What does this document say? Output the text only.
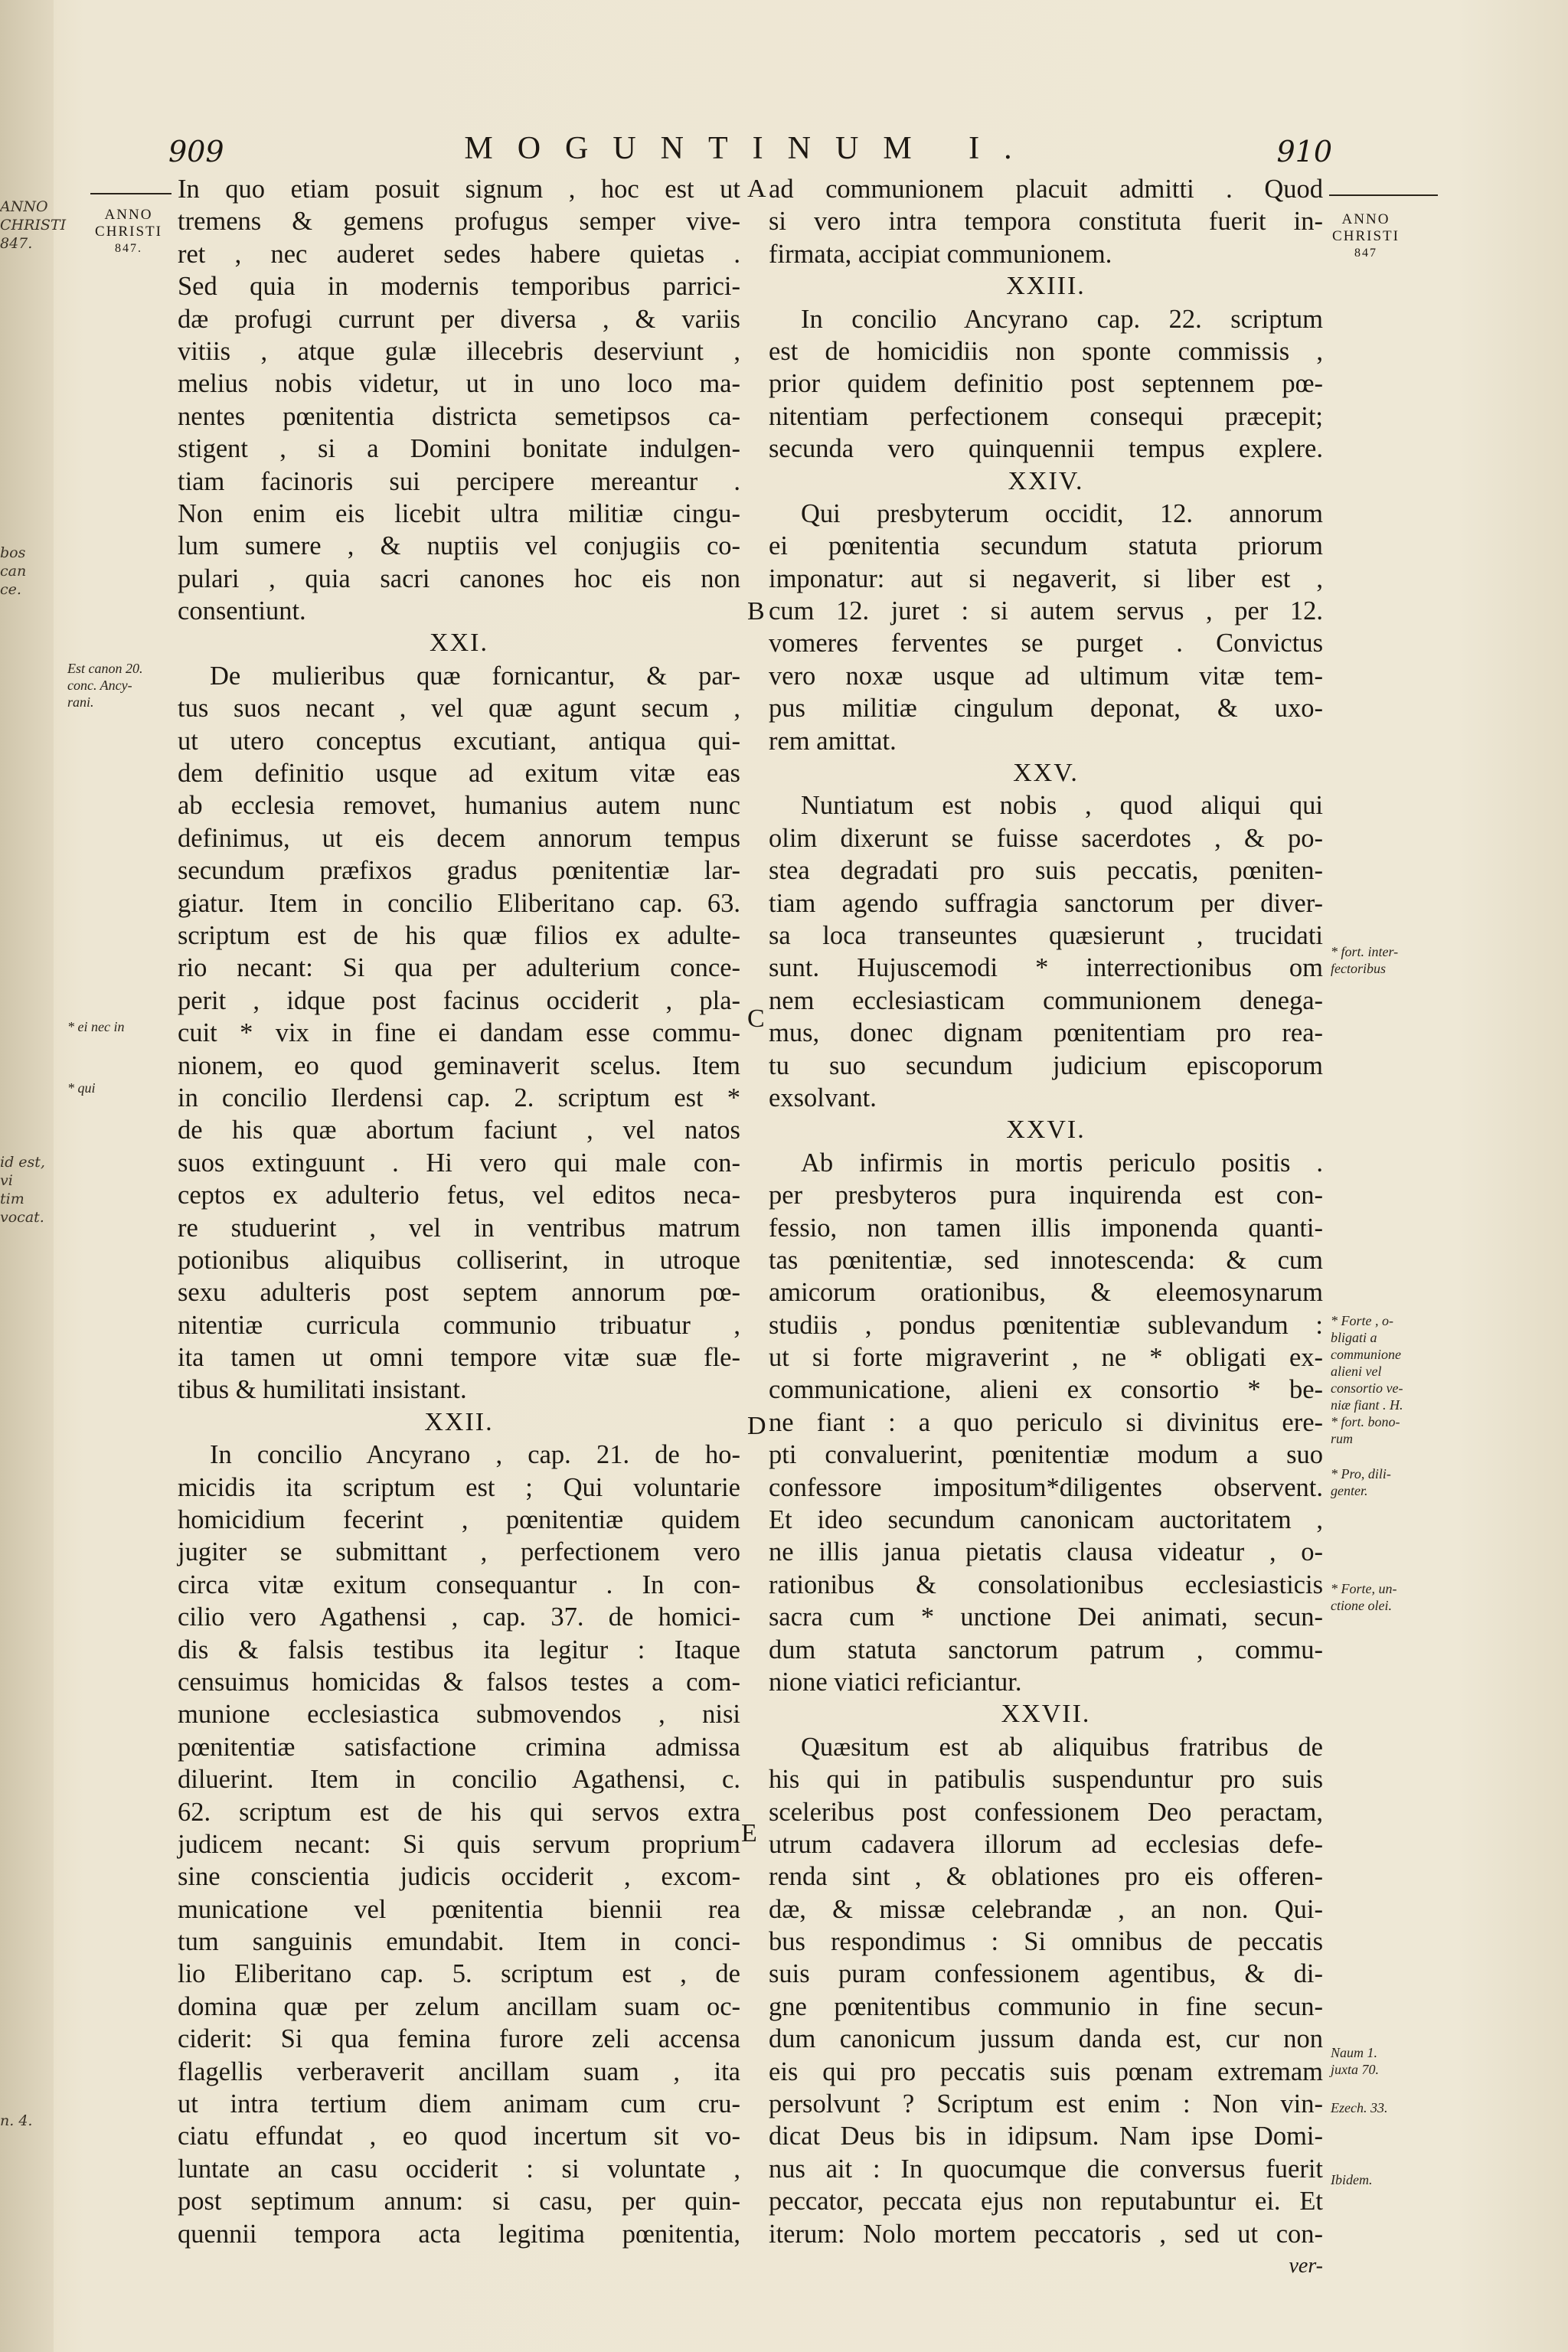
ANNO
CHRISTI
847.
bos can
ce.
id est, vi
tim vocat.
n. 4.
909	MOGUNTINUM I.	910
ANNO
CHRISTI
847.
ANNO
CHRISTI
847
In quo etiam posuit signum , hoc est ut
tremens & gemens profugus semper vive-
ret , nec auderet sedes habere quietas .
Sed quia in modernis temporibus parrici-
dæ profugi currunt per diversa , & variis
vitiis , atque gulæ illecebris deserviunt ,
melius nobis videtur, ut in uno loco ma-
nentes pœnitentia districta semetipsos ca-
stigent , si a Domini bonitate indulgen-
tiam facinoris sui percipere mereantur .
Non enim eis licebit ultra militiæ cingu-
lum sumere , & nuptiis vel conjugiis co-
pulari , quia sacri canones hoc eis non
consentiunt.
XXI.
De mulieribus quæ fornicantur, & par-
tus suos necant , vel quæ agunt secum ,
ut utero conceptus excutiant, antiqua qui-
dem definitio usque ad exitum vitæ eas
ab ecclesia removet, humanius autem nunc
definimus, ut eis decem annorum tempus
secundum præfixos gradus pœnitentiæ lar-
giatur. Item in concilio Eliberitano cap. 63.
scriptum est de his quæ filios ex adulte-
rio necant: Si qua per adulterium conce-
perit , idque post facinus occiderit , pla-
cuit * vix in fine ei dandam esse commu-
nionem, eo quod geminaverit scelus. Item
in concilio Ilerdensi cap. 2. scriptum est *
de his quæ abortum faciunt , vel natos
suos extinguunt . Hi vero qui male con-
ceptos ex adulterio fetus, vel editos neca-
re studuerint , vel in ventribus matrum
potionibus aliquibus colliserint, in utroque
sexu adulteris post septem annorum pœ-
nitentiæ curricula communio tribuatur ,
ita tamen ut omni tempore vitæ suæ fle-
tibus & humilitati insistant.
XXII.
In concilio Ancyrano , cap. 21. de ho-
micidis ita scriptum est ; Qui voluntarie
homicidium fecerint , pœnitentiæ quidem
jugiter se submittant , perfectionem vero
circa vitæ exitum consequantur . In con-
cilio vero Agathensi , cap. 37. de homici-
dis & falsis testibus ita legitur : Itaque
censuimus homicidas & falsos testes a com-
munione ecclesiastica submovendos , nisi
pœnitentiæ satisfactione crimina admissa
diluerint. Item in concilio Agathensi, c.
62. scriptum est de his qui servos extra
judicem necant: Si quis servum proprium
sine conscientia judicis occiderit , excom-
municatione vel pœnitentia biennii rea
tum sanguinis emundabit. Item in conci-
lio Eliberitano cap. 5. scriptum est , de
domina quæ per zelum ancillam suam oc-
ciderit: Si qua femina furore zeli accensa
flagellis verberaverit ancillam suam , ita
ut intra tertium diem animam cum cru-
ciatu effundat , eo quod incertum sit vo-
luntate an casu occiderit : si voluntate ,
post septimum annum: si casu, per quin-
quennii tempora acta legitima pœnitentia,
ad communionem placuit admitti . Quod
si vero intra tempora constituta fuerit in-
firmata, accipiat communionem.
XXIII.
In concilio Ancyrano cap. 22. scriptum
est de homicidiis non sponte commissis ,
prior quidem definitio post septennem pœ-
nitentiam perfectionem consequi præcepit;
secunda vero quinquennii tempus explere.
XXIV.
Qui presbyterum occidit, 12. annorum
ei pœnitentia secundum statuta priorum
imponatur: aut si negaverit, si liber est ,
cum 12. juret : si autem servus , per 12.
vomeres ferventes se purget . Convictus
vero noxæ usque ad ultimum vitæ tem-
pus militiæ cingulum deponat, & uxo-
rem amittat.
XXV.
Nuntiatum est nobis , quod aliqui qui
olim dixerunt se fuisse sacerdotes , & po-
stea degradati pro suis peccatis, pœniten-
tiam agendo suffragia sanctorum per diver-
sa loca transeuntes quæsierunt , trucidati
sunt. Hujuscemodi * interrectionibus om
nem ecclesiasticam communionem denega-
mus, donec dignam pœnitentiam pro rea-
tu suo secundum judicium episcoporum
exsolvant.
XXVI.
Ab infirmis in mortis periculo positis .
per presbyteros pura inquirenda est con-
fessio, non tamen illis imponenda quanti-
tas pœnitentiæ, sed innotescenda: & cum
amicorum orationibus, & eleemosynarum
studiis , pondus pœnitentiæ sublevandum :
ut si forte migraverint , ne * obligati ex-
communicatione, alieni ex consortio * be-
ne fiant : a quo periculo si divinitus ere-
pti convaluerint, pœnitentiæ modum a suo
confessore impositum*diligentes observent.
Et ideo secundum canonicam auctoritatem ,
ne illis janua pietatis clausa videatur , o-
rationibus & consolationibus ecclesiasticis
sacra cum * unctione Dei animati, secun-
dum statuta sanctorum patrum , commu-
nione viatici reficiantur.
XXVII.
Quæsitum est ab aliquibus fratribus de
his qui in patibulis suspenduntur pro suis
sceleribus post confessionem Deo peractam,
utrum cadavera illorum ad ecclesias defe-
renda sint , & oblationes pro eis offeren-
dæ, & missæ celebrandæ , an non. Qui-
bus respondimus : Si omnibus de peccatis
suis puram confessionem agentibus, & di-
gne pœnitentibus communio in fine secun-
dum canonicum jussum danda est, cur non
eis qui pro peccatis suis pœnam extremam
persolvunt ? Scriptum est enim : Non vin-
dicat Deus bis in idipsum. Nam ipse Domi-
nus ait : In quocumque die conversus fuerit
peccator, peccata ejus non reputabuntur ei. Et
iterum: Nolo mortem peccatoris , sed ut con-
ver-
A
B
C
D
E
Est canon 20.
conc. Ancy-
rani.
* ei nec in
* qui
* fort. inter-
fectoribus
* Forte , o-
bligati a
communione
alieni vel
consortio ve-
niæ fiant . H.
* fort. bono-
rum
* Pro, dili-
genter.
* Forte, un-
ctione olei.
Naum 1.
juxta 70.
Ezech. 33.
Ibidem.
